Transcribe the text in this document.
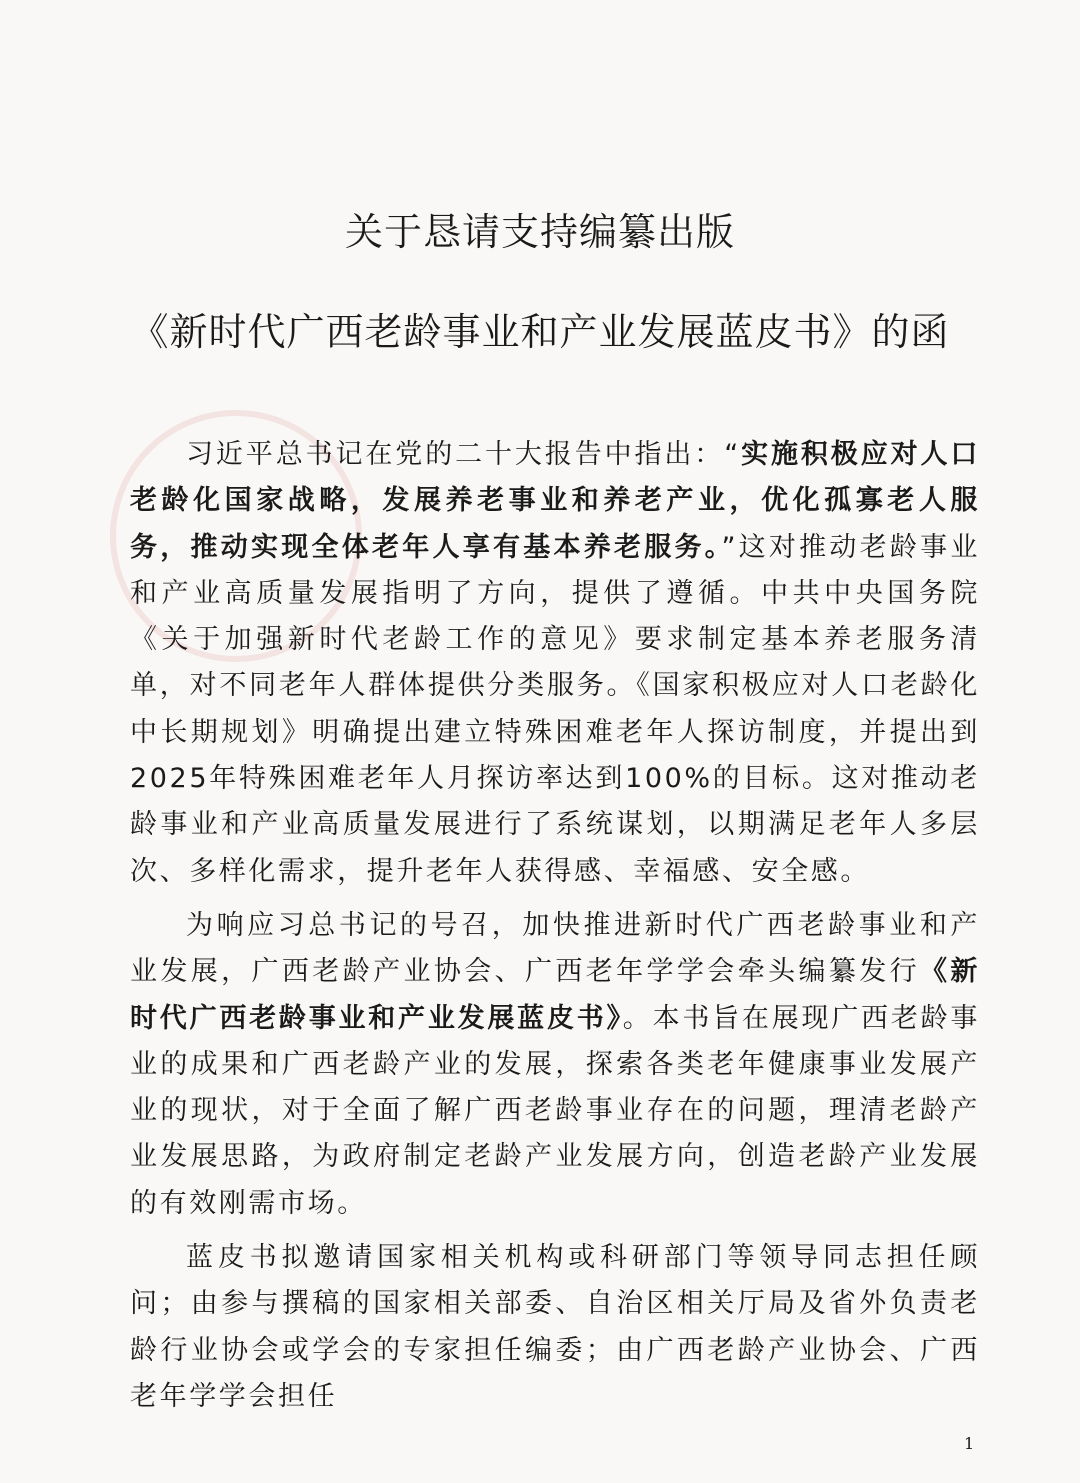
关于恳请支持编纂出版
《新时代广西老龄事业和产业发展蓝皮书》的函

习近平总书记在党的二十大报告中指出：“实施积极应对人口老龄化国家战略，发展养老事业和养老产业，优化孤寡老人服务，推动实现全体老年人享有基本养老服务。”这对推动老龄事业和产业高质量发展指明了方向，提供了遵循。中共中央国务院《关于加强新时代老龄工作的意见》要求制定基本养老服务清单，对不同老年人群体提供分类服务。《国家积极应对人口老龄化中长期规划》明确提出建立特殊困难老年人探访制度，并提出到2025年特殊困难老年人月探访率达到100%的目标。这对推动老龄事业和产业高质量发展进行了系统谋划，以期满足老年人多层次、多样化需求，提升老年人获得感、幸福感、安全感。

为响应习总书记的号召，加快推进新时代广西老龄事业和产业发展，广西老龄产业协会、广西老年学学会牵头编纂发行《新时代广西老龄事业和产业发展蓝皮书》。本书旨在展现广西老龄事业的成果和广西老龄产业的发展，探索各类老年健康事业发展产业的现状，对于全面了解广西老龄事业存在的问题，理清老龄产业发展思路，为政府制定老龄产业发展方向，创造老龄产业发展的有效刚需市场。

蓝皮书拟邀请国家相关机构或科研部门等领导同志担任顾问；由参与撰稿的国家相关部委、自治区相关厅局及省外负责老龄行业协会或学会的专家担任编委；由广西老龄产业协会、广西老年学学会担任

1
